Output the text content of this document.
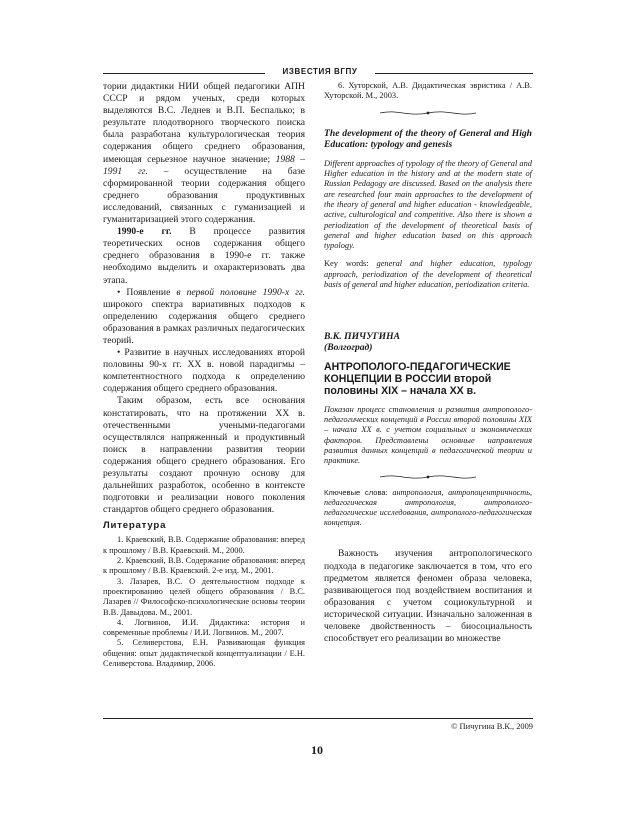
ИЗВЕСТИЯ ВГПУ

тории дидактики НИИ общей педагогики АПН СССР и рядом ученых, среди которых выделяются В.С. Леднев и В.П. Беспалько; в результате плодотворного творческого поиска была разработана культурологическая теория содержания общего среднего образования, имеющая серьезное научное значение; 1988 – 1991 гг. – осуществление на базе сформированной теории содержания общего среднего образования продуктивных исследований, связанных с гуманизацией и гуманитаризацией этого содержания.

1990-е гг. В процессе развития теоретических основ содержания общего среднего образования в 1990-е гг. также необходимо выделить и охарактеризовать два этапа.

• Появление в первой половине 1990-х гг. широкого спектра вариативных подходов к определению содержания общего среднего образования в рамках различных педагогических теорий.

• Развитие в научных исследованиях второй половины 90-х гг. XX в. новой парадигмы – компетентностного подхода к определению содержания общего среднего образования.

Таким образом, есть все основания констатировать, что на протяжении XX в. отечественными учеными-педагогами осуществлялся напряженный и продуктивный поиск в направлении развития теории содержания общего среднего образования. Его результаты создают прочную основу для дальнейших разработок, особенно в контексте подготовки и реализации нового поколения стандартов общего среднего образования.

Литература

1. Краевский, В.В. Содержание образования: вперед к прошлому / В.В. Краевский. М., 2000.

2. Краевский, В.В. Содержание образования: вперед к прошлому / В.В. Краевский. 2-е изд. М., 2001.

3. Лазарев, В.С. О деятельностном подходе к проектированию целей общего образования / В.С. Лазарев // Философско-психологические основы теории В.В. Давыдова. М., 2001.

4. Логвинов, И.И. Дидактика: история и современные проблемы / И.И. Логвинов. М., 2007.

5. Селиверстова, Е.Н. Развивающая функция общения: опыт дидактической концептуализации / Е.Н. Селиверстова. Владимир, 2006.

6. Хуторской, А.В. Дидактическая эвристика / А.В. Хуторской. М., 2003.

The development of the theory of General and High Education: typology and genesis

Different approaches of typology of the theory of General and Higher education in the history and at the modern state of Russian Pedagogy are discussed. Based on the analysis there are researched four main approaches to the development of the theory of general and higher education - knowledgeable, active, culturological and competitive. Also there is shown a periodization of the development of theoretical basis of general and higher education based on this approach typology.

Key words: general and higher education, typology approach, periodization of the development of theoretical basis of general and higher education, periodization criteria.

В.К. ПИЧУГИНА

(Волгоград)

АНТРОПОЛОГО-ПЕДАГОГИЧЕСКИЕ КОНЦЕПЦИИ В РОССИИ второй половины XIX – начала XX в.

Показан процесс становления и развития антрополого-педагогических концепций в России второй половины XIX – начала XX в. с учетом социальных и экономических факторов. Представлены основные направления развития данных концепций в педагогической теории и практике.

Ключевые слова: антропология, антропоцентричность, педагогическая антропология, антрополого-педагогические исследования, антрополого-педагогическая концепция.

Важность изучения антропологического подхода в педагогике заключается в том, что его предметом является феномен образа человека, развивающегося под воздействием воспитания и образования с учетом социокультурной и исторической ситуации. Изначально заложенная в человеке двойственность – биосоциальность способствует его реализации во множестве

© Пичугина В.К., 2009
10
